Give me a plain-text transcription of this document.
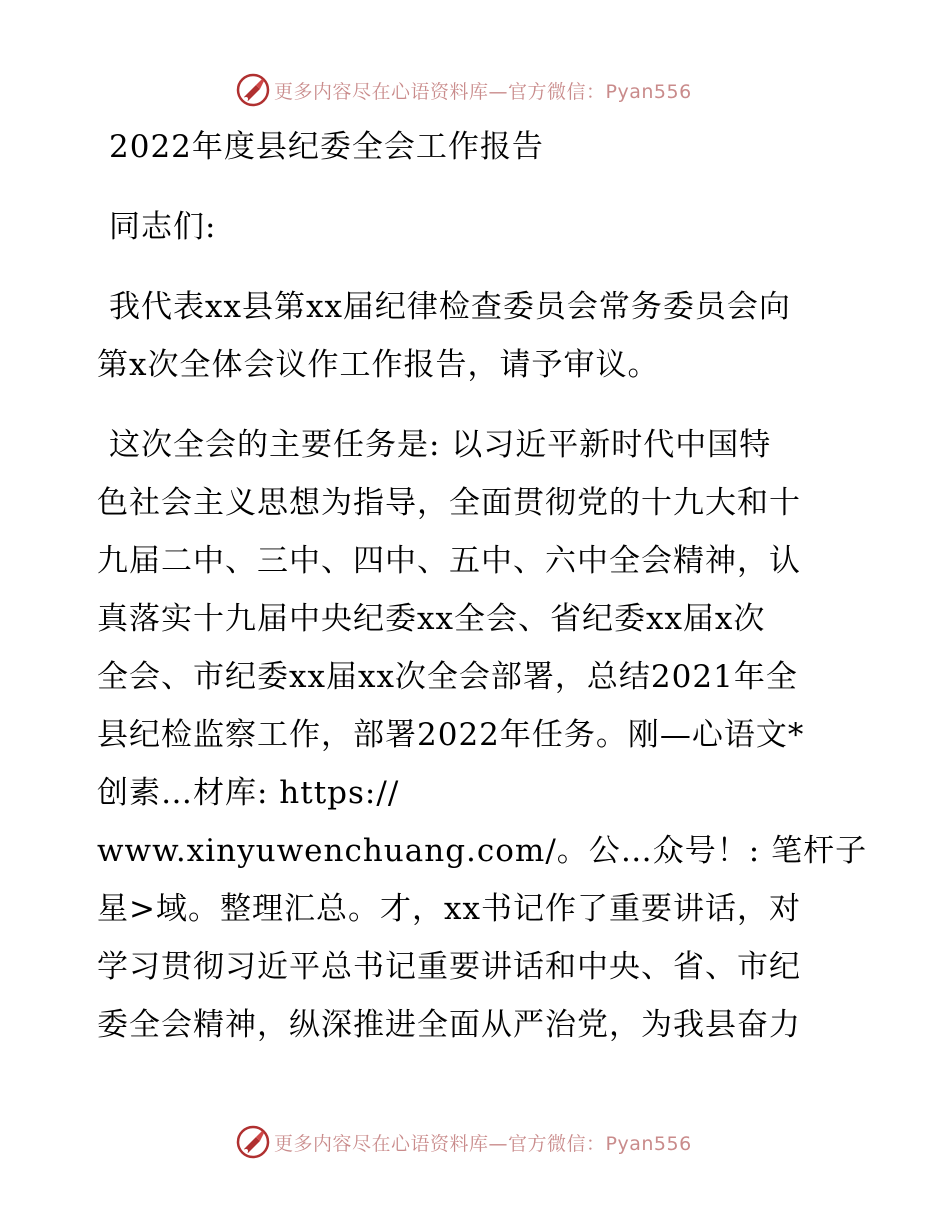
更多内容尽在心语资料库—官方微信：Pyan556
2022年度县纪委全会工作报告
同志们:
我代表xx县第xx届纪律检查委员会常务委员会向
第x次全体会议作工作报告，请予审议。
这次全会的主要任务是: 以习近平新时代中国特
色社会主义思想为指导，全面贯彻党的十九大和十
九届二中、三中、四中、五中、六中全会精神，认
真落实十九届中央纪委xx全会、省纪委xx届x次
全会、市纪委xx届xx次全会部署，总结2021年全
县纪检监察工作，部署2022年任务。刚—心语文*
创素…材库: https://
www.xinyuwenchuang.com/。公…众号！: 笔杆子
星>域。整理汇总。才，xx书记作了重要讲话，对
学习贯彻习近平总书记重要讲话和中央、省、市纪
委全会精神，纵深推进全面从严治党，为我县奋力
更多内容尽在心语资料库—官方微信：Pyan556
